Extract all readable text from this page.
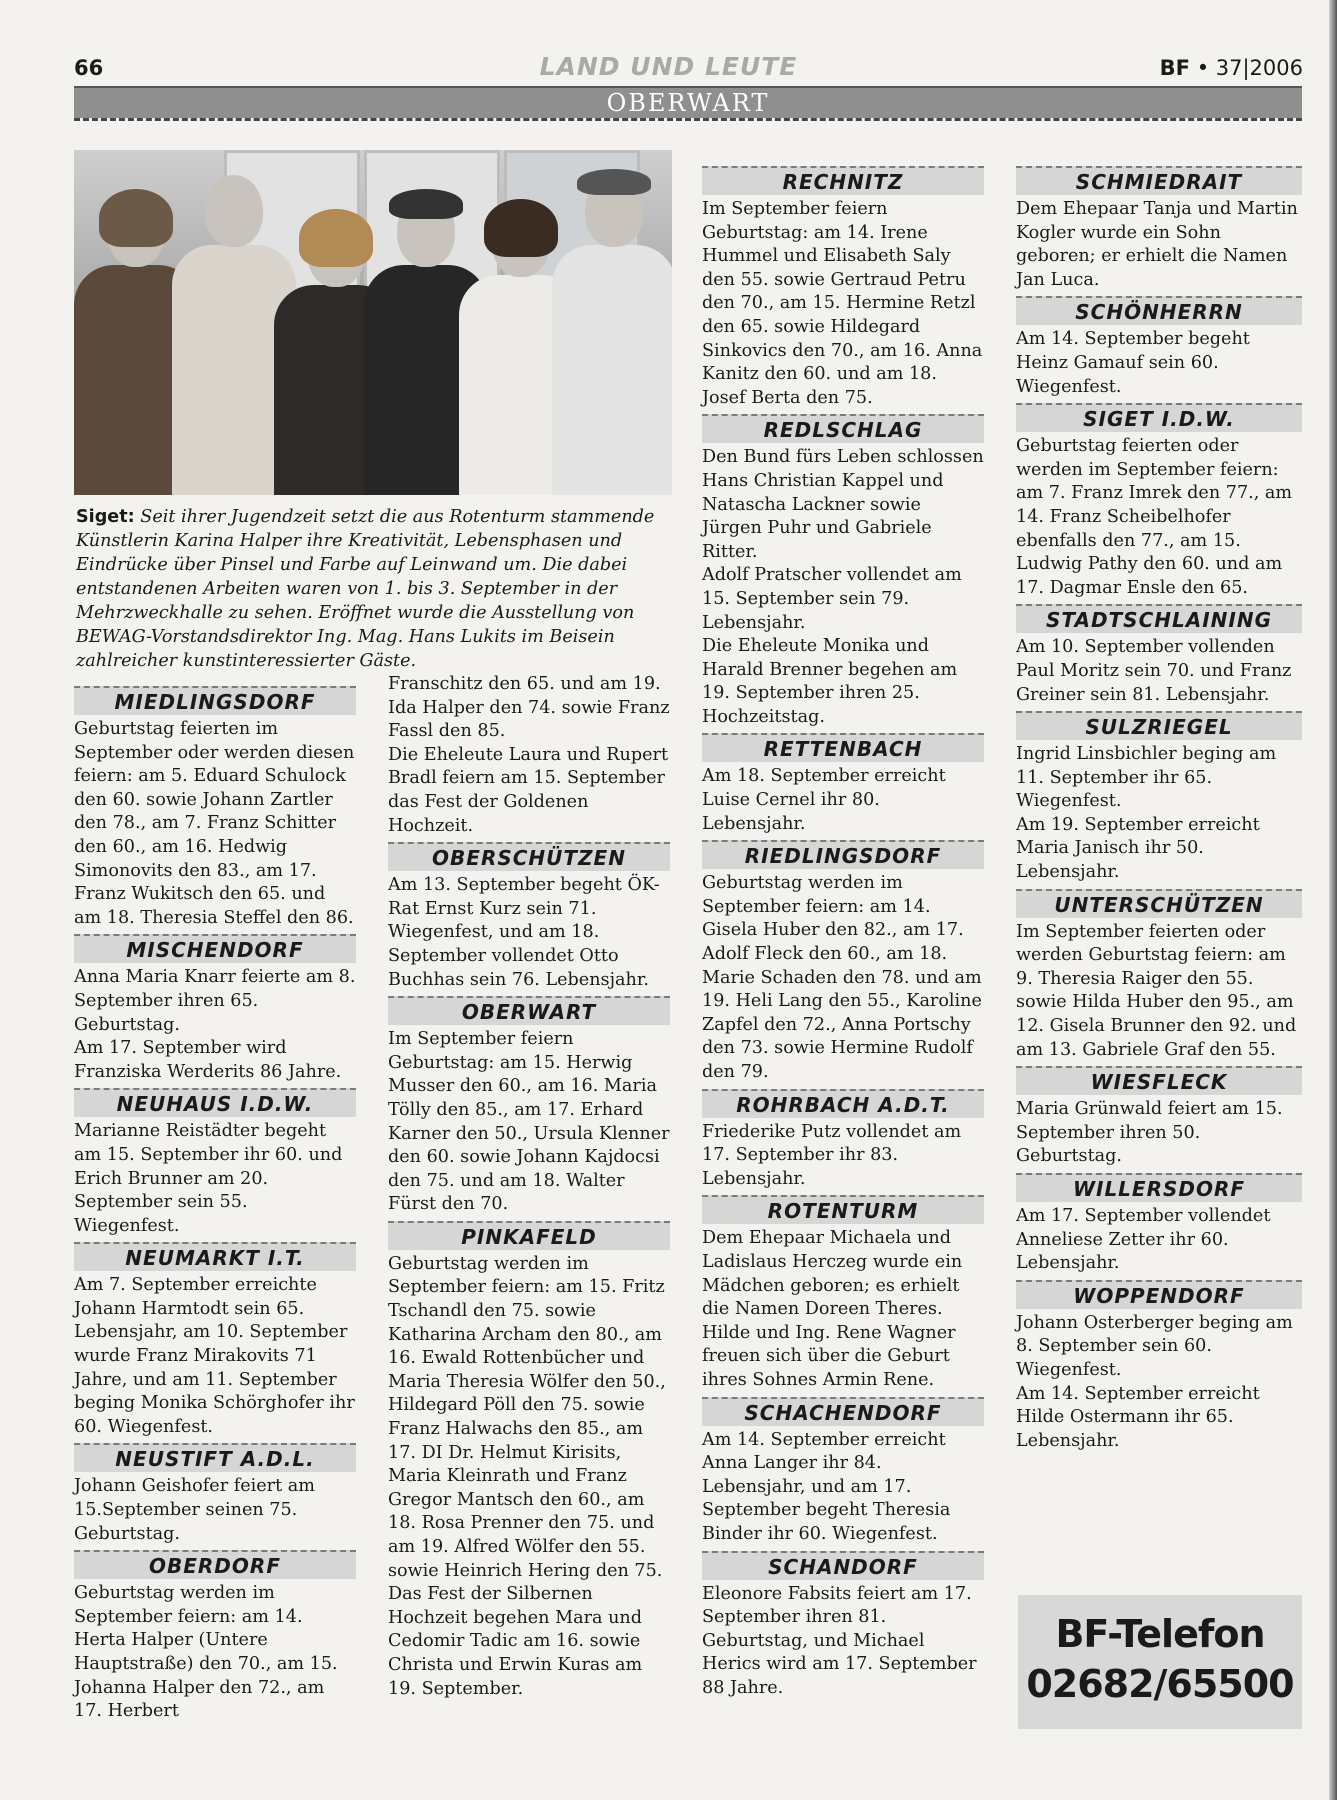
66	LAND UND LEUTE	BF • 37|2006
OBERWART
Siget: Seit ihrer Jugendzeit setzt die aus Rotenturm stammende Künstlerin Karina Halper ihre Kreativität, Lebensphasen und Eindrücke über Pinsel und Farbe auf Leinwand um. Die dabei entstandenen Arbeiten waren von 1. bis 3. September in der Mehrzweckhalle zu sehen. Eröffnet wurde die Ausstellung von BEWAG-Vorstandsdirektor Ing. Mag. Hans Lukits im Beisein zahlreicher kunstinteressierter Gäste.
MIEDLINGSDORF

Geburtstag feierten im September oder werden diesen feiern: am 5. Eduard Schulock den 60. sowie Johann Zartler den 78., am 7. Franz Schitter den 60., am 16. Hedwig Simonovits den 83., am 17. Franz Wukitsch den 65. und am 18. Theresia Steffel den 86.

MISCHENDORF

Anna Maria Knarr feierte am 8. September ihren 65. Geburtstag.

Am 17. September wird Franziska Werderits 86 Jahre.

NEUHAUS I.D.W.

Marianne Reistädter begeht am 15. September ihr 60. und Erich Brunner am 20. September sein 55. Wiegenfest.

NEUMARKT I.T.

Am 7. September erreichte Johann Harmtodt sein 65. Lebensjahr, am 10. September wurde Franz Mirakovits 71 Jahre, und am 11. September beging Monika Schörghofer ihr 60. Wiegenfest.

NEUSTIFT A.D.L.

Johann Geishofer feiert am 15.September seinen 75. Geburtstag.

OBERDORF

Geburtstag werden im September feiern: am 14. Herta Halper (Untere Hauptstraße) den 70., am 15. Johanna Halper den 72., am 17. Herbert

Franschitz den 65. und am 19. Ida Halper den 74. sowie Franz Fassl den 85.

Die Eheleute Laura und Rupert Bradl feiern am 15. September das Fest der Goldenen Hochzeit.

OBERSCHÜTZEN

Am 13. September begeht ÖK-Rat Ernst Kurz sein 71. Wiegenfest, und am 18. September vollendet Otto Buchhas sein 76. Lebensjahr.

OBERWART

Im September feiern Geburtstag: am 15. Herwig Musser den 60., am 16. Maria Tölly den 85., am 17. Erhard Karner den 50., Ursula Klenner den 60. sowie Johann Kajdocsi den 75. und am 18. Walter Fürst den 70.

PINKAFELD

Geburtstag werden im September feiern: am 15. Fritz Tschandl den 75. sowie Katharina Archam den 80., am 16. Ewald Rottenbücher und Maria Theresia Wölfer den 50., Hildegard Pöll den 75. sowie Franz Halwachs den 85., am 17. DI Dr. Helmut Kirisits, Maria Kleinrath und Franz Gregor Mantsch den 60., am 18. Rosa Prenner den 75. und am 19. Alfred Wölfer den 55. sowie Heinrich Hering den 75.

Das Fest der Silbernen Hochzeit begehen Mara und Cedomir Tadic am 16. sowie Christa und Erwin Kuras am 19. September.

RECHNITZ

Im September feiern Geburtstag: am 14. Irene Hummel und Elisabeth Saly den 55. sowie Gertraud Petru den 70., am 15. Hermine Retzl den 65. sowie Hildegard Sinkovics den 70., am 16. Anna Kanitz den 60. und am 18. Josef Berta den 75.

REDLSCHLAG

Den Bund fürs Leben schlossen Hans Christian Kappel und Natascha Lackner sowie Jürgen Puhr und Gabriele Ritter.

Adolf Pratscher vollendet am 15. September sein 79. Lebensjahr.

Die Eheleute Monika und Harald Brenner begehen am 19. September ihren 25. Hochzeitstag.

RETTENBACH

Am 18. September erreicht Luise Cernel ihr 80. Lebensjahr.

RIEDLINGSDORF

Geburtstag werden im September feiern: am 14. Gisela Huber den 82., am 17. Adolf Fleck den 60., am 18. Marie Schaden den 78. und am 19. Heli Lang den 55., Karoline Zapfel den 72., Anna Portschy den 73. sowie Hermine Rudolf den 79.

ROHRBACH A.D.T.

Friederike Putz vollendet am 17. September ihr 83. Lebensjahr.

ROTENTURM

Dem Ehepaar Michaela und Ladislaus Herczeg wurde ein Mädchen geboren; es erhielt die Namen Doreen Theres.

Hilde und Ing. Rene Wagner freuen sich über die Geburt ihres Sohnes Armin Rene.

SCHACHENDORF

Am 14. September erreicht Anna Langer ihr 84. Lebensjahr, und am 17. September begeht Theresia Binder ihr 60. Wiegenfest.

SCHANDORF

Eleonore Fabsits feiert am 17. September ihren 81. Geburtstag, und Michael Herics wird am 17. September 88 Jahre.

SCHMIEDRAIT

Dem Ehepaar Tanja und Martin Kogler wurde ein Sohn geboren; er erhielt die Namen Jan Luca.

SCHÖNHERRN

Am 14. September begeht Heinz Gamauf sein 60. Wiegenfest.

SIGET I.D.W.

Geburtstag feierten oder werden im September feiern: am 7. Franz Imrek den 77., am 14. Franz Scheibelhofer ebenfalls den 77., am 15. Ludwig Pathy den 60. und am 17. Dagmar Ensle den 65.

STADTSCHLAINING

Am 10. September vollenden Paul Moritz sein 70. und Franz Greiner sein 81. Lebensjahr.

SULZRIEGEL

Ingrid Linsbichler beging am 11. September ihr 65. Wiegenfest.

Am 19. September erreicht Maria Janisch ihr 50. Lebensjahr.

UNTERSCHÜTZEN

Im September feierten oder werden Geburtstag feiern: am 9. Theresia Raiger den 55. sowie Hilda Huber den 95., am 12. Gisela Brunner den 92. und am 13. Gabriele Graf den 55.

WIESFLECK

Maria Grünwald feiert am 15. September ihren 50. Geburtstag.

WILLERSDORF

Am 17. September vollendet Anneliese Zetter ihr 60. Lebensjahr.

WOPPENDORF

Johann Osterberger beging am 8. September sein 60. Wiegenfest.

Am 14. September erreicht Hilde Ostermann ihr 65. Lebensjahr.

BF-Telefon
02682/65500
